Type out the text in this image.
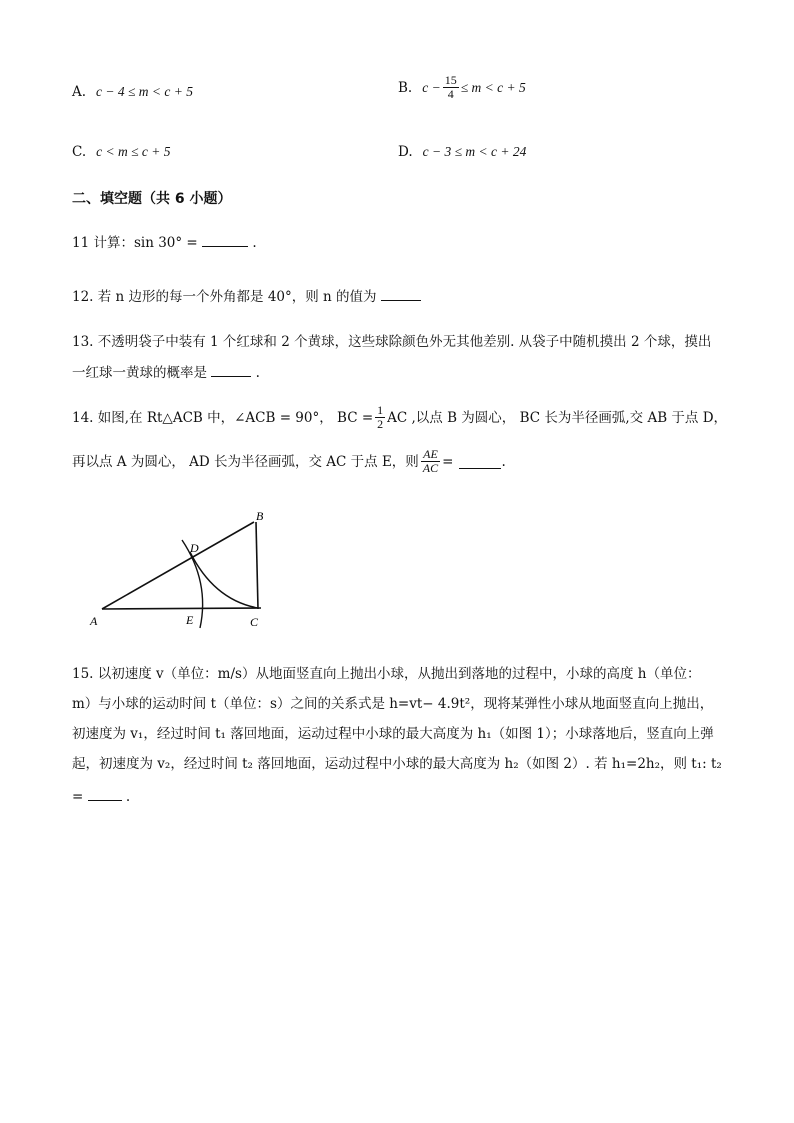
A. c − 4 ≤ m < c + 5	B. $c - \frac{15}{4} \le m < c + 5$
C. c < m ≤ c + 5	D. c − 3 ≤ m < c + 24
二、填空题（共 6 小题）
11 计算：sin 30° =	.
12. 若 n 边形的每一个外角都是 40°，则 n 的值为
13. 不透明袋子中装有 1 个红球和 2 个黄球，这些球除颜色外无其他差别. 从袋子中随机摸出 2 个球，摸出
一红球一黄球的概率是	.
14. 如图,在 Rt△ACB 中，∠ACB = 90°， BC = $\frac{1}{2}$ AC ,以点 B 为圆心， BC 长为半径画弧,交 AB 于点 D，
再以点 A 为圆心， AD 长为半径画弧，交 AC 于点 E，则 $\frac{AE}{AC}$ =	.
A
B
C
D
E
15. 以初速度 v（单位：m/s）从地面竖直向上抛出小球，从抛出到落地的过程中，小球的高度 h（单位：
m）与小球的运动时间 t（单位：s）之间的关系式是 h=vt− 4.9t²，现将某弹性小球从地面竖直向上抛出，
初速度为 v₁，经过时间 t₁ 落回地面，运动过程中小球的最大高度为 h₁（如图 1）；小球落地后，竖直向上弹
起，初速度为 v₂，经过时间 t₂ 落回地面，运动过程中小球的最大高度为 h₂（如图 2）. 若 h₁=2h₂，则 t₁: t₂
=	.
